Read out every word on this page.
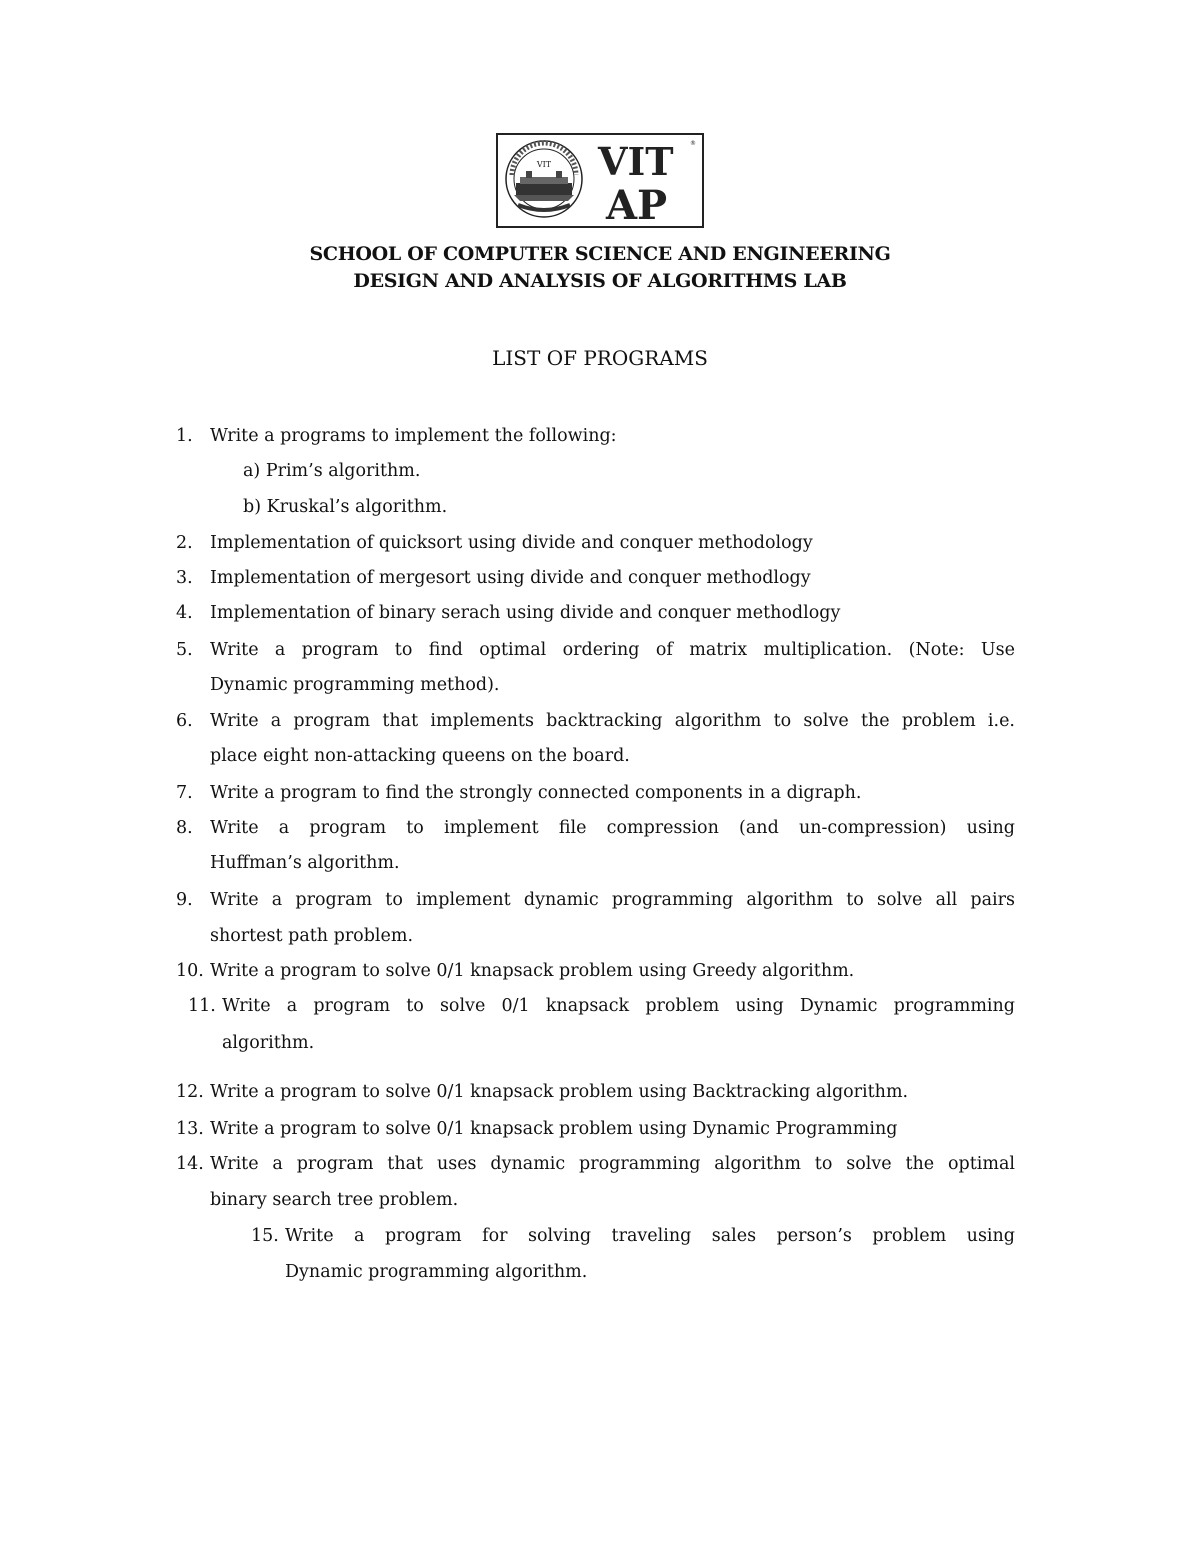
VIT VIT	®
AP
SCHOOL OF COMPUTER SCIENCE AND ENGINEERING
DESIGN AND ANALYSIS OF ALGORITHMS LAB
LIST OF PROGRAMS
1. Write a programs to implement the following:
a) Prim’s algorithm.
b) Kruskal’s algorithm.
2. Implementation of quicksort using divide and conquer methodology
3. Implementation of mergesort using divide and conquer methodlogy
4. Implementation of binary serach using divide and conquer methodlogy
5. Write a program to find optimal ordering of matrix multiplication. (Note: Use
Dynamic programming method).
6. Write a program that implements backtracking algorithm to solve the problem i.e.
place eight non-attacking queens on the board.
7. Write a program to find the strongly connected components in a digraph.
8. Write a program to implement file compression (and un-compression) using
Huffman’s algorithm.
9. Write a program to implement dynamic programming algorithm to solve all pairs
shortest path problem.
10. Write a program to solve 0/1 knapsack problem using Greedy algorithm.
11. Write a program to solve 0/1 knapsack problem using Dynamic programming
algorithm.
12. Write a program to solve 0/1 knapsack problem using Backtracking algorithm.
13. Write a program to solve 0/1 knapsack problem using Dynamic Programming
14. Write a program that uses dynamic programming algorithm to solve the optimal
binary search tree problem.
15. Write a program for solving traveling sales person’s problem using
Dynamic programming algorithm.
